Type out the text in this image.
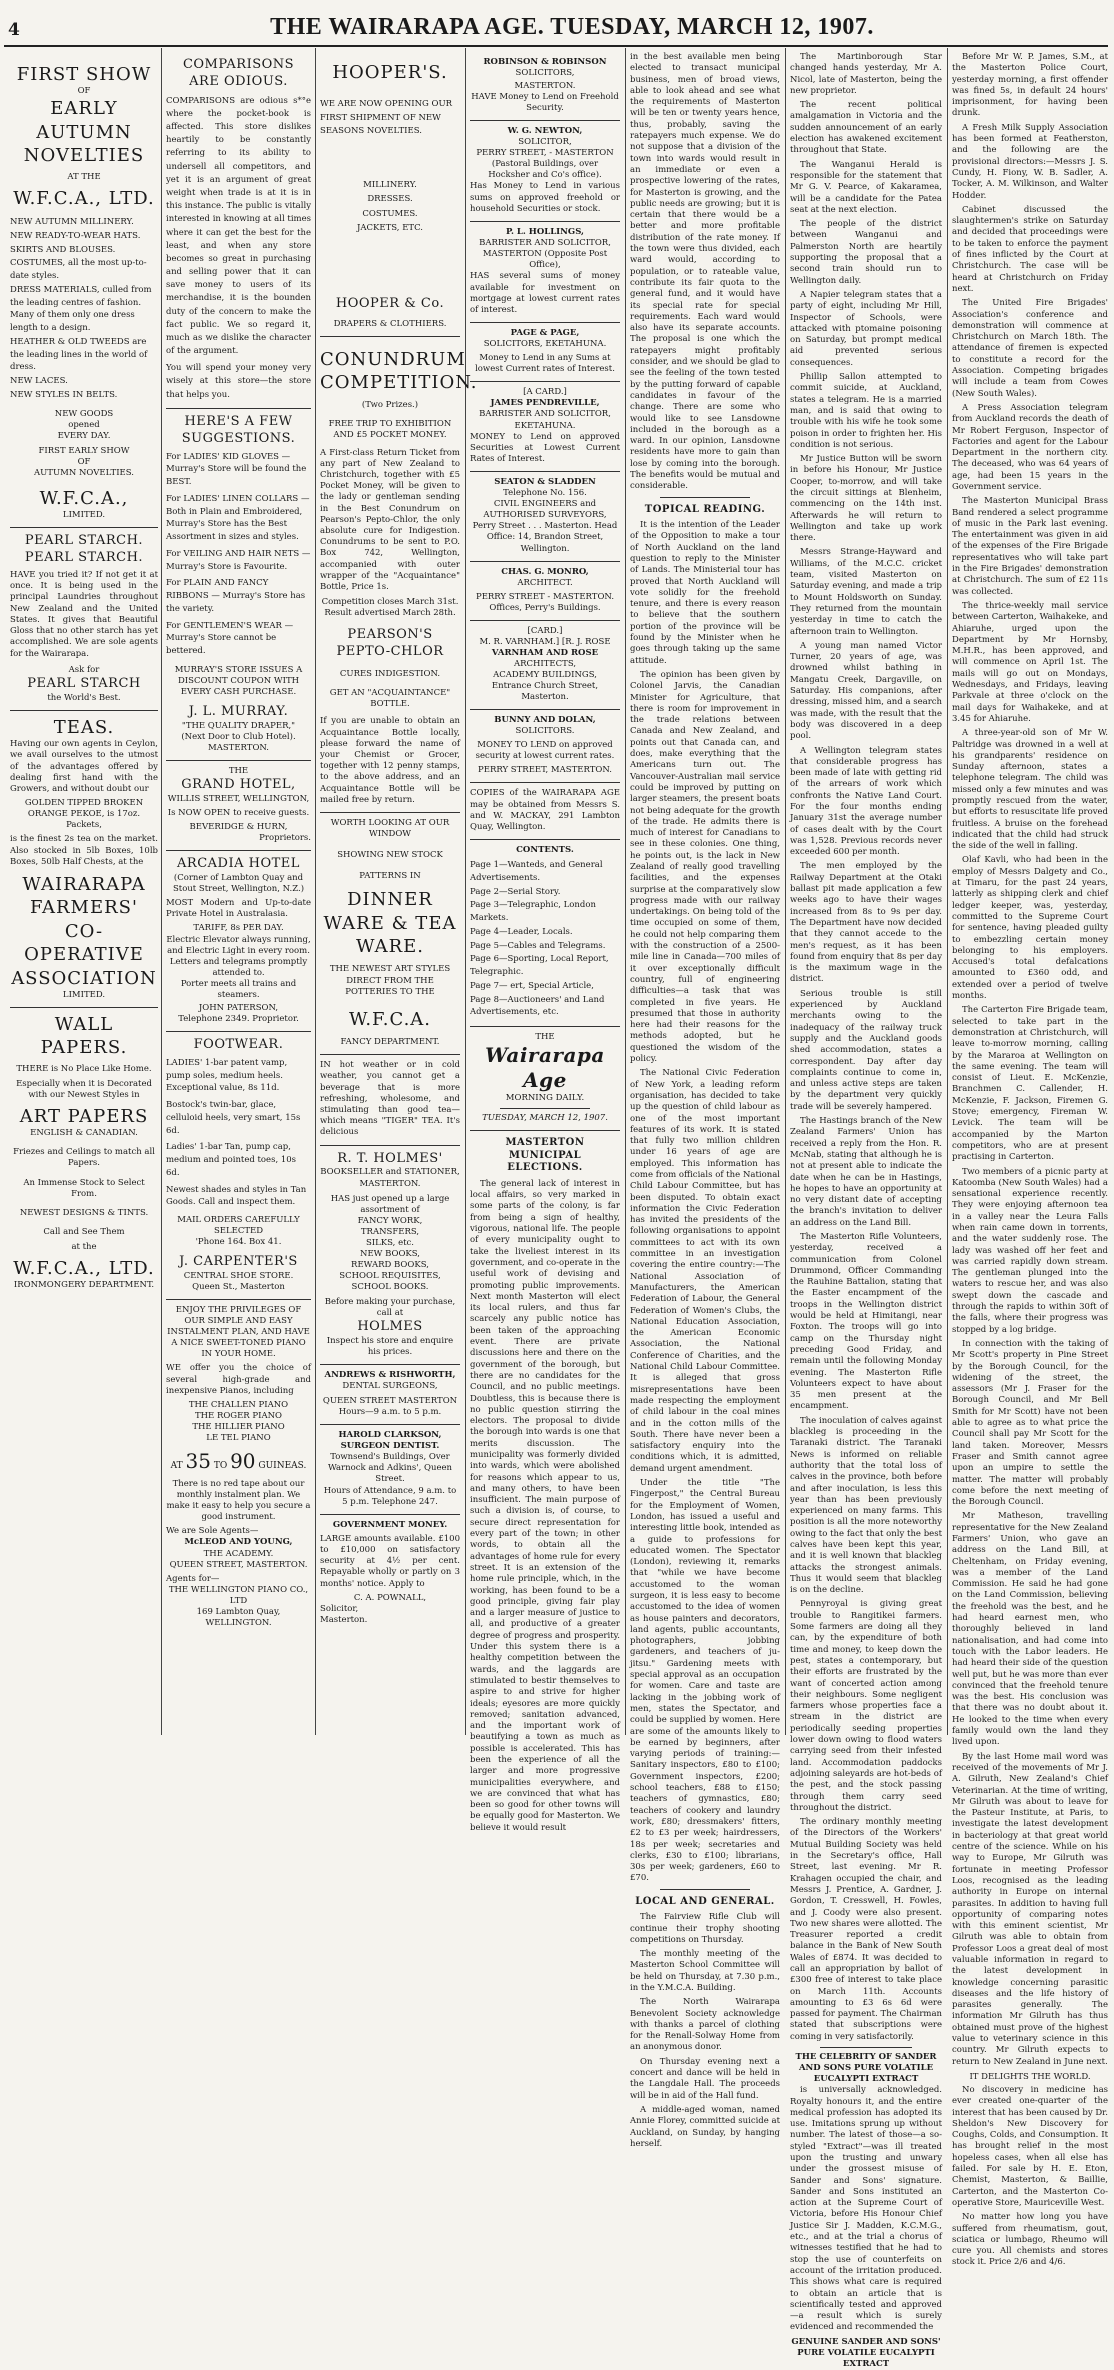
4	THE WAIRARAPA AGE. TUESDAY, MARCH 12, 1907.
FIRST SHOW
OF
EARLY
AUTUMN
NOVELTIES
AT THE
W.F.C.A., LTD.
NEW AUTUMN MILLINERY.
NEW READY-TO-WEAR HATS.
SKIRTS AND BLOUSES.
COSTUMES, all the most up-to-date styles.
DRESS MATERIALS, culled from the leading centres of fashion. Many of them only one dress length to a design.
HEATHER & OLD TWEEDS are the leading lines in the world of dress.
NEW LACES.
NEW STYLES IN BELTS.
NEW GOODS
opened
EVERY DAY.
FIRST EARLY SHOW
OF
AUTUMN NOVELTIES.
W.F.C.A.,
LIMITED.
PEARL STARCH. PEARL STARCH.
HAVE you tried it? If not get it at once. It is being used in the principal Laundries throughout New Zealand and the United States. It gives that Beautiful Gloss that no other starch has yet accomplished. We are sole agents for the Wairarapa.
Ask for
PEARL STARCH
the World's Best.
TEAS.
Having our own agents in Ceylon, we avail ourselves to the utmost of the advantages offered by dealing first hand with the Growers, and without doubt our
GOLDEN TIPPED BROKEN ORANGE PEKOE, is 17oz. Packets,
is the finest 2s tea on the market. Also stocked in 5lb Boxes, 10lb Boxes, 50lb Half Chests, at the
WAIRARAPA
FARMERS'
CO-OPERATIVE
ASSOCIATION
LIMITED.
WALL PAPERS.
THERE is No Place Like Home.
Especially when it is Decorated with our Newest Styles in
ART PAPERS
ENGLISH & CANADIAN.
Friezes and Ceilings to match all Papers.
An Immense Stock to Select From.
NEWEST DESIGNS & TINTS.
Call and See Them
at the
W.F.C.A., LTD.
IRONMONGERY DEPARTMENT.
COMPARISONS ARE ODIOUS.
COMPARISONS are odious s*°e where the pocket-book is affected. This store dislikes heartily to be constantly referring to its ability to undersell all competitors, and yet it is an argument of great weight when trade is at it is in this instance. The public is vitally interested in knowing at all times where it can get the best for the least, and when any store becomes so great in purchasing and selling power that it can save money to users of its merchandise, it is the bounden duty of the concern to make the fact public. We so regard it, much as we dislike the character of the argument.
You will spend your money very wisely at this store—the store that helps you.
HERE'S A FEW SUGGESTIONS.
For LADIES' KID GLOVES — Murray's Store will be found the BEST.
For LADIES' LINEN COLLARS — Both in Plain and Embroidered, Murray's Store has the Best Assortment in sizes and styles.
For VEILING AND HAIR NETS — Murray's Store is Favourite.
For PLAIN AND FANCY RIBBONS — Murray's Store has the variety.
For GENTLEMEN'S WEAR — Murray's Store cannot be bettered.
MURRAY'S STORE ISSUES A DISCOUNT COUPON WITH EVERY CASH PURCHASE.
J. L. MURRAY.
"THE QUALITY DRAPER,"
(Next Door to Club Hotel).
MASTERTON.
THE
GRAND HOTEL,
WILLIS STREET, WELLINGTON,
Is NOW OPEN to receive guests.
BEVERIDGE & HURN,
Proprietors.
ARCADIA HOTEL
(Corner of Lambton Quay and Stout Street, Wellington, N.Z.)
MOST Modern and Up-to-date Private Hotel in Australasia.
TARIFF, 8s PER DAY.
Electric Elevator always running, and Electric Light in every room.
Letters and telegrams promptly attended to.
Porter meets all trains and steamers.
JOHN PATERSON,
Telephone 2349. Proprietor.
FOOTWEAR.
LADIES' 1-bar patent vamp, pump soles, medium heels. Exceptional value, 8s 11d.
Bostock's twin-bar, glace, celluloid heels, very smart, 15s 6d.
Ladies' 1-bar Tan, pump cap, medium and pointed toes, 10s 6d.
Newest shades and styles in Tan Goods. Call and inspect them.
MAIL ORDERS CAREFULLY SELECTED
'Phone 164. Box 41.
J. CARPENTER'S
CENTRAL SHOE STORE.
Queen St., Masterton
ENJOY THE PRIVILEGES OF OUR SIMPLE AND EASY INSTALMENT PLAN, AND HAVE A NICE SWEET-TONED PIANO IN YOUR HOME.
WE offer you the choice of several high-grade and inexpensive Pianos, including
THE CHALLEN PIANO
THE ROGER PIANO
THE HILLIER PIANO
LE TEL PIANO
AT 35 TO 90 GUINEAS.
There is no red tape about our monthly instalment plan. We make it easy to help you secure a good instrument.
We are Sole Agents—
McLEOD AND YOUNG,
THE ACADEMY.
QUEEN STREET, MASTERTON.
Agents for—
THE WELLINGTON PIANO CO., LTD
169 Lambton Quay,
WELLINGTON.
HOOPER'S.
WE ARE NOW OPENING OUR FIRST SHIPMENT OF NEW SEASONS NOVELTIES.
MILLINERY.
DRESSES.
COSTUMES.
JACKETS, ETC.
HOOPER & Co.
DRAPERS & CLOTHIERS.
CONUNDRUM COMPETITION.
(Two Prizes.)
FREE TRIP TO EXHIBITION AND £5 POCKET MONEY.
A First-class Return Ticket from any part of New Zealand to Christchurch, together with £5 Pocket Money, will be given to the lady or gentleman sending in the Best Conundrum on Pearson's Pepto-Chlor, the only absolute cure for Indigestion. Conundrums to be sent to P.O. Box 742, Wellington, accompanied with outer wrapper of the "Acquaintance" Bottle, Price 1s.
Competition closes March 31st. Result advertised March 28th.
PEARSON'S PEPTO-CHLOR
CURES INDIGESTION.
GET AN "ACQUAINTANCE" BOTTLE.
If you are unable to obtain an Acquaintance Bottle locally, please forward the name of your Chemist or Grocer, together with 12 penny stamps, to the above address, and an Acquaintance Bottle will be mailed free by return.
WORTH LOOKING AT OUR WINDOW
SHOWING NEW STOCK
PATTERNS IN
DINNER WARE & TEA WARE.
THE NEWEST ART STYLES DIRECT FROM THE POTTERIES TO THE
W.F.C.A.
FANCY DEPARTMENT.
IN hot weather or in cold weather, you cannot get a beverage that is more refreshing, wholesome, and stimulating than good tea—which means "TIGER" TEA. It's delicious
R. T. HOLMES'
BOOKSELLER and STATIONER,
MASTERTON.
HAS just opened up a large assortment of
FANCY WORK,
TRANSFERS,
SILKS, etc.
NEW BOOKS,
REWARD BOOKS,
SCHOOL REQUISITES,
SCHOOL BOOKS.
Before making your purchase, call at
HOLMES
Inspect his store and enquire his prices.
ANDREWS & RISHWORTH,
DENTAL SURGEONS,
QUEEN STREET MASTERTON
Hours—9 a.m. to 5 p.m.
HAROLD CLARKSON, SURGEON DENTIST.
Townsend's Buildings, Over Warnock and Adkins', Queen Street.
Hours of Attendance, 9 a.m. to 5 p.m. Telephone 247.
GOVERNMENT MONEY.
LARGE amounts available. £100 to £10,000 on satisfactory security at 4½ per cent. Repayable wholly or partly on 3 months' notice. Apply to
C. A. POWNALL,
Solicitor,
Masterton.
ROBINSON & ROBINSON
SOLICITORS,
MASTERTON.
HAVE Money to Lend on Freehold Security.
W. G. NEWTON,
SOLICITOR,
PERRY STREET, - MASTERTON (Pastoral Buildings, over Hocksher and Co's office).
Has Money to Lend in various sums on approved freehold or household Securities or stock.
P. L. HOLLINGS,
BARRISTER AND SOLICITOR,
MASTERTON (Opposite Post Office),
HAS several sums of money available for investment on mortgage at lowest current rates of interest.
PAGE & PAGE,
SOLICITORS, EKETAHUNA.
Money to Lend in any Sums at lowest Current rates of Interest.
[A CARD.]
JAMES PENDREVILLE,
BARRISTER AND SOLICITOR,
EKETAHUNA.
MONEY to Lend on approved Securities at Lowest Current Rates of Interest.
SEATON & SLADDEN
Telephone No. 156.
CIVIL ENGINEERS and AUTHORISED SURVEYORS,
Perry Street . . . Masterton. Head Office: 14, Brandon Street, Wellington.
CHAS. G. MONRO,
ARCHITECT.
PERRY STREET - MASTERTON. Offices, Perry's Buildings.
[CARD.]
M. R. VARNHAM.] [R. J. ROSE
VARNHAM AND ROSE
ARCHITECTS,
ACADEMY BUILDINGS,
Entrance Church Street, Masterton.
BUNNY AND DOLAN,
SOLICITORS.
MONEY TO LEND on approved security at lowest current rates.
PERRY STREET, MASTERTON.
COPIES of the WAIRARAPA AGE may be obtained from Messrs S. and W. MACKAY, 291 Lambton Quay, Wellington.
CONTENTS.
Page 1—Wanteds, and General Advertisements.
Page 2—Serial Story.
Page 3—Telegraphic, London Markets.
Page 4—Leader, Locals.
Page 5—Cables and Telegrams.
Page 6—Sporting, Local Report, Telegraphic.
Page 7— ert, Special Article,
Page 8—Auctioneers' and Land Advertisements, etc.
THE
Wairarapa Age
MORNING DAILY.
TUESDAY, MARCH 12, 1907.
MASTERTON MUNICIPAL ELECTIONS.
The general lack of interest in local affairs, so very marked in some parts of the colony, is far from being a sign of healthy, vigorous, national life. The people of every municipality ought to take the liveliest interest in its government, and co-operate in the useful work of devising and promoting public improvements. Next month Masterton will elect its local rulers, and thus far scarcely any public notice has been taken of the approaching event. There are private discussions here and there on the government of the borough, but there are no candidates for the Council, and no public meetings. Doubtless, this is because there is no public question stirring the electors. The proposal to divide the borough into wards is one that merits discussion. The municipality was formerly divided into wards, which were abolished for reasons which appear to us, and many others, to have been insufficient. The main purpose of such a division is, of course, to secure direct representation for every part of the town; in other words, to obtain all the advantages of home rule for every street. It is an extension of the home rule principle, which, in the working, has been found to be a good principle, giving fair play and a larger measure of justice to all, and productive of a greater degree of progress and prosperity. Under this system there is a healthy competition between the wards, and the laggards are stimulated to bestir themselves to aspire to and strive for higher ideals; eyesores are more quickly removed; sanitation advanced, and the important work of beautifying a town as much as possible is accelerated. This has been the experience of all the larger and more progressive municipalities everywhere, and we are convinced that what has been so good for other towns will be equally good for Masterton. We believe it would result
in the best available men being elected to transact municipal business, men of broad views, able to look ahead and see what the requirements of Masterton will be ten or twenty years hence, thus, probably, saving the ratepayers much expense. We do not suppose that a division of the town into wards would result in an immediate or even a prospective lowering of the rates, for Masterton is growing, and the public needs are growing; but it is certain that there would be a better and more profitable distribution of the rate money. If the town were thus divided, each ward would, according to population, or to rateable value, contribute its fair quota to the general fund, and it would have its special rate for special requirements. Each ward would also have its separate accounts. The proposal is one which the ratepayers might profitably consider, and we should be glad to see the feeling of the town tested by the putting forward of capable candidates in favour of the change. There are some who would like to see Lansdowne included in the borough as a ward. In our opinion, Lansdowne residents have more to gain than lose by coming into the borough. The benefits would be mutual and considerable.
TOPICAL READING.
It is the intention of the Leader of the Opposition to make a tour of North Auckland on the land question to reply to the Minister of Lands. The Ministerial tour has proved that North Auckland will vote solidly for the freehold tenure, and there is every reason to believe that the southern portion of the province will be found by the Minister when he goes through taking up the same attitude.
The opinion has been given by Colonel Jarvis, the Canadian Minister for Agriculture, that there is room for improvement in the trade relations between Canada and New Zealand, and points out that Canada can, and does, make everything that the Americans turn out. The Vancouver-Australian mail service could be improved by putting on larger steamers, the present boats not being adequate for the growth of the trade. He admits there is much of interest for Canadians to see in these colonies. One thing, he points out, is the lack in New Zealand of really good travelling facilities, and the expenses surprise at the comparatively slow progress made with our railway undertakings. On being told of the time occupied on some of them, he could not help comparing them with the construction of a 2500-mile line in Canada—700 miles of it over exceptionally difficult country, full of engineering difficulties—a task that was completed in five years. He presumed that those in authority here had their reasons for the methods adopted, but he questioned the wisdom of the policy.
The National Civic Federation of New York, a leading reform organisation, has decided to take up the question of child labour as one of the most important features of its work. It is stated that fully two million children under 16 years of age are employed. This information has come from officials of the National Child Labour Committee, but has been disputed. To obtain exact information the Civic Federation has invited the presidents of the following organisations to appoint committees to act with its own committee in an investigation covering the entire country:—The National Association of Manufacturers, the American Federation of Labour, the General Federation of Women's Clubs, the National Education Association, the American Economic Association, the National Conference of Charities, and the National Child Labour Committee. It is alleged that gross misrepresentations have been made respecting the employment of child labour in the coal mines and in the cotton mills of the South. There have never been a satisfactory enquiry into the conditions which, it is admitted, demand urgent amendment.
Under the title "The Fingerpost," the Central Bureau for the Employment of Women, London, has issued a useful and interesting little book, intended as a guide to professions for educated women. The Spectator (London), reviewing it, remarks that "while we have become accustomed to the woman surgeon, it is less easy to become accustomed to the idea of women as house painters and decorators, land agents, public accountants, photographers, jobbing gardeners, and teachers of ju-jitsu." Gardening meets with special approval as an occupation for women. Care and taste are lacking in the jobbing work of men, states the Spectator, and could be supplied by women. Here are some of the amounts likely to be earned by beginners, after varying periods of training:—Sanitary inspectors, £80 to £100; Government inspectors, £200; school teachers, £88 to £150; teachers of gymnastics, £80; teachers of cookery and laundry work, £80; dressmakers' fitters, £2 to £3 per week; hairdressers, 18s per week; secretaries and clerks, £30 to £100; librarians, 30s per week; gardeners, £60 to £70.
LOCAL AND GENERAL.
The Fairview Rifle Club will continue their trophy shooting competitions on Thursday.
The monthly meeting of the Masterton School Committee will be held on Thursday, at 7.30 p.m., in the Y.M.C.A. Building.
The North Wairarapa Benevolent Society acknowledge with thanks a parcel of clothing for the Renall-Solway Home from an anonymous donor.
On Thursday evening next a concert and dance will be held in the Langdale Hall. The proceeds will be in aid of the Hall fund.
A middle-aged woman, named Annie Florey, committed suicide at Auckland, on Sunday, by hanging herself.
The Martinborough Star changed hands yesterday, Mr A. Nicol, late of Masterton, being the new proprietor.
The recent political amalgamation in Victoria and the sudden announcement of an early election has awakened excitement throughout that State.
The Wanganui Herald is responsible for the statement that Mr G. V. Pearce, of Kakaramea, will be a candidate for the Patea seat at the next election.
The people of the district between Wanganui and Palmerston North are heartily supporting the proposal that a second train should run to Wellington daily.
A Napier telegram states that a party of eight, including Mr Hill, Inspector of Schools, were attacked with ptomaine poisoning on Saturday, but prompt medical aid prevented serious consequences.
Phillip Sallon attempted to commit suicide, at Auckland, states a telegram. He is a married man, and is said that owing to trouble with his wife he took some poison in order to frighten her. His condition is not serious.
Mr Justice Button will be sworn in before his Honour, Mr Justice Cooper, to-morrow, and will take the circuit sittings at Blenheim, commencing on the 14th inst. Afterwards he will return to Wellington and take up work there.
Messrs Strange-Hayward and Williams, of the M.C.C. cricket team, visited Masterton on Saturday evening, and made a trip to Mount Holdsworth on Sunday. They returned from the mountain yesterday in time to catch the afternoon train to Wellington.
A young man named Victor Turner, 20 years of age, was drowned whilst bathing in Mangatu Creek, Dargaville, on Saturday. His companions, after dressing, missed him, and a search was made, with the result that the body was discovered in a deep pool.
A Wellington telegram states that considerable progress has been made of late with getting rid of the arrears of work which confronts the Native Land Court. For the four months ending January 31st the average number of cases dealt with by the Court was 1,528. Previous records never exceeded 600 per month.
The men employed by the Railway Department at the Otaki ballast pit made application a few weeks ago to have their wages increased from 8s to 9s per day. The Department have now decided that they cannot accede to the men's request, as it has been found from enquiry that 8s per day is the maximum wage in the district.
Serious trouble is still experienced by Auckland merchants owing to the inadequacy of the railway truck supply and the Auckland goods shed accommodation, states a correspondent. Day after day complaints continue to come in, and unless active steps are taken by the department very quickly trade will be severely hampered.
The Hastings branch of the New Zealand Farmers' Union has received a reply from the Hon. R. McNab, stating that although he is not at present able to indicate the date when he can be in Hastings, he hopes to have an opportunity at no very distant date of accepting the branch's invitation to deliver an address on the Land Bill.
The Masterton Rifle Volunteers, yesterday, received a communication from Colonel Drummond, Officer Commanding the Rauhine Battalion, stating that the Easter encampment of the troops in the Wellington district would be held at Himitangi, near Foxton. The troops will go into camp on the Thursday night preceding Good Friday, and remain until the following Monday evening. The Masterton Rifle Volunteers expect to have about 35 men present at the encampment.
The inoculation of calves against blackleg is proceeding in the Taranaki district. The Taranaki News is informed on reliable authority that the total loss of calves in the province, both before and after inoculation, is less this year than has been previously experienced on many farms. This position is all the more noteworthy owing to the fact that only the best calves have been kept this year, and it is well known that blackleg attacks the strongest animals. Thus it would seem that blackleg is on the decline.
Pennyroyal is giving great trouble to Rangitikei farmers. Some farmers are doing all they can, by the expenditure of both time and money, to keep down the pest, states a contemporary, but their efforts are frustrated by the want of concerted action among their neighbours. Some negligent farmers whose properties face a stream in the district are periodically seeding properties lower down owing to flood waters carrying seed from their infested land. Accommodation paddocks adjoining saleyards are hot-beds of the pest, and the stock passing through them carry seed throughout the district.
The ordinary monthly meeting of the Directors of the Workers' Mutual Building Society was held in the Secretary's office, Hall Street, last evening. Mr R. Krahagen occupied the chair, and Messrs J. Prentice, A. Gardner, J. Gordon, T. Cresswell, H. Fowles, and J. Coody were also present. Two new shares were allotted. The Treasurer reported a credit balance in the Bank of New South Wales of £874. It was decided to call an appropriation by ballot of £300 free of interest to take place on March 11th. Accounts amounting to £3 6s 6d were passed for payment. The Chairman stated that subscriptions were coming in very satisfactorily.
THE CELEBRITY OF SANDER AND SONS PURE VOLATILE EUCALYPTI EXTRACT
is universally acknowledged. Royalty honours it, and the entire medical profession has adopted its use. Imitations sprung up without number. The latest of those—a so-styled "Extract"—was ill treated upon the trusting and unwary under the grossest misuse of Sander and Sons' signature. Sander and Sons instituted an action at the Supreme Court of Victoria, before His Honour Chief Justice Sir J. Madden, K.C.M.G., etc., and at the trial a chorus of witnesses testified that he had to stop the use of counterfeits on account of the irritation produced. This shows what care is required to obtain an article that is scientifically tested and approved—a result which is surely evidenced and recommended the
GENUINE SANDER AND SONS' PURE VOLATILE EUCALYPTI EXTRACT
Before Mr W. P. James, S.M., at the Masterton Police Court, yesterday morning, a first offender was fined 5s, in default 24 hours' imprisonment, for having been drunk.
A Fresh Milk Supply Association has been formed at Featherston, and the following are the provisional directors:—Messrs J. S. Cundy, H. Fiony, W. B. Sadler, A. Tocker, A. M. Wilkinson, and Walter Hodder.
Cabinet discussed the slaughtermen's strike on Saturday and decided that proceedings were to be taken to enforce the payment of fines inflicted by the Court at Christchurch. The case will be heard at Christchurch on Friday next.
The United Fire Brigades' Association's conference and demonstration will commence at Christchurch on March 18th. The attendance of firemen is expected to constitute a record for the Association. Competing brigades will include a team from Cowes (New South Wales).
A Press Association telegram from Auckland records the death of Mr Robert Ferguson, Inspector of Factories and agent for the Labour Department in the northern city. The deceased, who was 64 years of age, had been 15 years in the Government service.
The Masterton Municipal Brass Band rendered a select programme of music in the Park last evening. The entertainment was given in aid of the expenses of the Fire Brigade representatives who will take part in the Fire Brigades' demonstration at Christchurch. The sum of £2 11s was collected.
The thrice-weekly mail service between Carterton, Waihakeke, and Ahiaruhe, urged upon the Department by Mr Hornsby, M.H.R., has been approved, and will commence on April 1st. The mails will go out on Mondays, Wednesdays, and Fridays, leaving Parkvale at three o'clock on the mail days for Waihakeke, and at 3.45 for Ahiaruhe.
A three-year-old son of Mr W. Paltridge was drowned in a well at his grandparents' residence on Sunday afternoon, states a telephone telegram. The child was missed only a few minutes and was promptly rescued from the water, but efforts to resuscitate life proved fruitless. A bruise on the forehead indicated that the child had struck the side of the well in falling.
Olaf Kavli, who had been in the employ of Messrs Dalgety and Co., at Timaru, for the past 24 years, latterly as shipping clerk and chief ledger keeper, was, yesterday, committed to the Supreme Court for sentence, having pleaded guilty to embezzling certain money belonging to his employers. Accused's total defalcations amounted to £360 odd, and extended over a period of twelve months.
The Carterton Fire Brigade team, selected to take part in the demonstration at Christchurch, will leave to-morrow morning, calling by the Mararoa at Wellington on the same evening. The team will consist of Lieut. E. McKenzie, Branchmen C. Callender, H. McKenzie, F. Jackson, Firemen G. Stove; emergency, Fireman W. Levick. The team will be accompanied by the Marton competitors, who are at present practising in Carterton.
Two members of a picnic party at Katoomba (New South Wales) had a sensational experience recently. They were enjoying afternoon tea in a valley near the Leura Falls when rain came down in torrents, and the water suddenly rose. The lady was washed off her feet and was carried rapidly down stream. The gentleman plunged into the waters to rescue her, and was also swept down the cascade and through the rapids to within 30ft of the falls, where their progress was stopped by a log bridge.
In connection with the taking of Mr Scott's property in Pine Street by the Borough Council, for the widening of the street, the assessors (Mr J. Fraser for the Borough Council, and Mr Bell Smith for Mr Scott) have not been able to agree as to what price the Council shall pay Mr Scott for the land taken. Moreover, Messrs Fraser and Smith cannot agree upon an umpire to settle the matter. The matter will probably come before the next meeting of the Borough Council.
Mr Matheson, travelling representative for the New Zealand Farmers' Union, who gave an address on the Land Bill, at Cheltenham, on Friday evening, was a member of the Land Commission. He said he had gone on the Land Commission, believing the freehold was the best, and he had heard earnest men, who thoroughly believed in land nationalisation, and had come into touch with the Labor leaders. He had heard their side of the question well put, but he was more than ever convinced that the freehold tenure was the best. His conclusion was that there was no doubt about it. He looked to the time when every family would own the land they lived upon.
By the last Home mail word was received of the movements of Mr J. A. Gilruth, New Zealand's Chief Veterinarian. At the time of writing, Mr Gilruth was about to leave for the Pasteur Institute, at Paris, to investigate the latest development in bacteriology at that great world centre of the science. While on his way to Europe, Mr Gilruth was fortunate in meeting Professor Loos, recognised as the leading authority in Europe on internal parasites. In addition to having full opportunity of comparing notes with this eminent scientist, Mr Gilruth was able to obtain from Professor Loos a great deal of most valuable information in regard to the latest development in knowledge concerning parasitic diseases and the life history of parasites generally. The information Mr Gilruth has thus obtained must prove of the highest value to veterinary science in this country. Mr Gilruth expects to return to New Zealand in June next.
IT DELIGHTS THE WORLD.
No discovery in medicine has ever created one-quarter of the interest that has been caused by Dr. Sheldon's New Discovery for Coughs, Colds, and Consumption. It has brought relief in the most hopeless cases, when all else has failed. For sale by H. E. Eton, Chemist, Masterton, & Baillie, Carterton, and the Masterton Co-operative Store, Mauriceville West.
No matter how long you have suffered from rheumatism, gout, sciatica or lumbago, Rheumo will cure you. All chemists and stores stock it. Price 2/6 and 4/6.
